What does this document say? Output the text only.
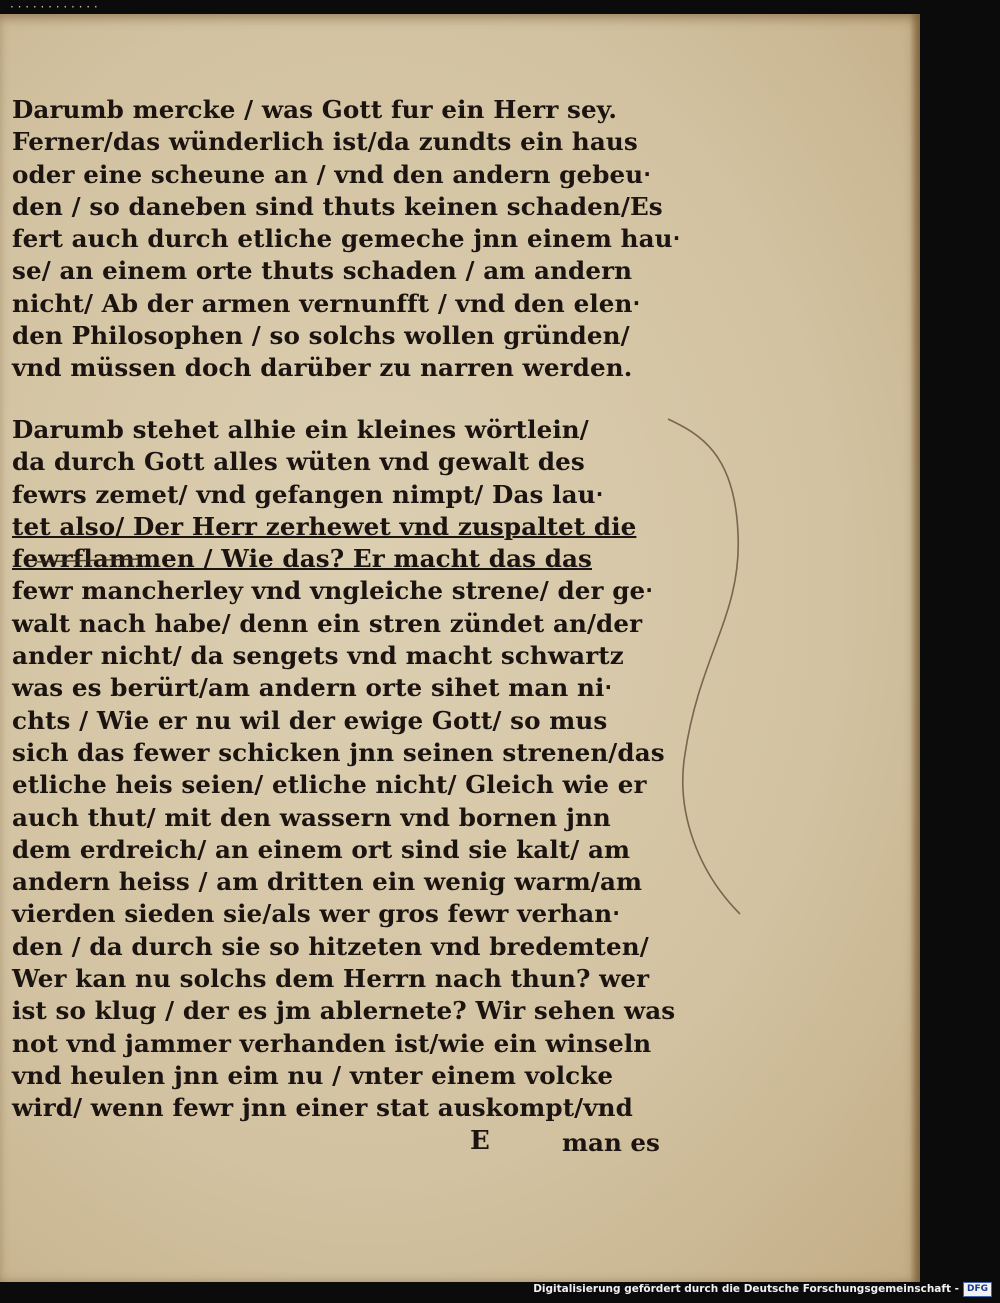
· · · · · · · · · · · ·
Darumb mercke / was Gott fur ein Herr sey.
Ferner/das wünderlich ist/da zundts ein haus
oder eine scheune an / vnd den andern gebeu‧
den / so daneben sind thuts keinen schaden/Es
fert auch durch etliche gemeche jnn einem hau‧
se/ an einem orte thuts schaden / am andern
nicht/ Ab der armen vernunfft / vnd den elen‧
den Philosophen / so solchs wollen gründen/
vnd müssen doch darüber zu narren werden.
Darumb stehet alhie ein kleines wörtlein/
da durch Gott alles wüten vnd gewalt des
fewrs zemet/ vnd gefangen nimpt/ Das lau‧
tet also/ Der Herr zerhewet vnd zuspaltet die
fewrflammen / Wie das? Er macht das das
fewr mancherley vnd vngleiche strene/ der ge‧
walt nach habe/ denn ein stren zündet an/der
ander nicht/ da sengets vnd macht schwartz
was es berürt/am andern orte sihet man ni‧
chts / Wie er nu wil der ewige Gott/ so mus
sich das fewer schicken jnn seinen strenen/das
etliche heis seien/ etliche nicht/ Gleich wie er
auch thut/ mit den wassern vnd bornen jnn
dem erdreich/ an einem ort sind sie kalt/ am
andern heiss / am dritten ein wenig warm/am
vierden sieden sie/als wer gros fewr verhan‧
den / da durch sie so hitzeten vnd bredemten/
Wer kan nu solchs dem Herrn nach thun? wer
ist so klug / der es jm ablernete? Wir sehen was
not vnd jammer verhanden ist/wie ein winseln
vnd heulen jnn eim nu / vnter einem volcke
wird/ wenn fewr jnn einer stat auskompt/vnd
E	man es
Digitalisierung gefördert durch die Deutsche Forschungsgemeinschaft - DFG
